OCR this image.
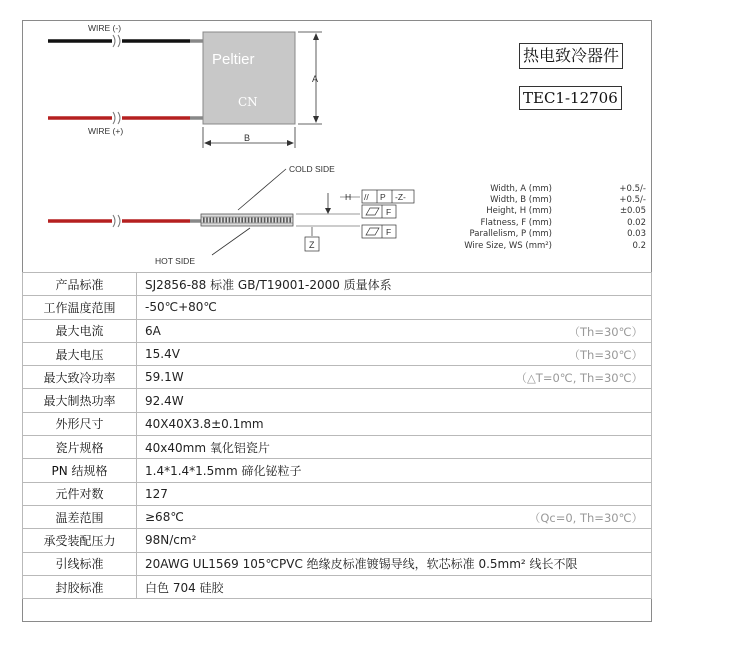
WIRE (-)
WIRE (+)
Peltier
CN
A
B
COLD SIDE
HOT SIDE
H // P -Z-
F
F
Z
热电致冷器件
TEC1-12706
Width, A (mm)	+0.5/-
Width, B (mm)	+0.5/-
Height, H (mm)	±0.05
Flatness, F (mm)	0.02
Parallelism, P (mm)	0.03
Wire Size, WS (mm²)	0.2
产品标准	SJ2856-88 标准 GB/T19001-2000 质量体系

工作温度范围	-50℃+80℃

最大电流	6A （Th=30℃）

最大电压	15.4V （Th=30℃）

最大致冷功率	59.1W （△T=0℃, Th=30℃）

最大制热功率	92.4W

外形尺寸	40X40X3.8±0.1mm

瓷片规格	40x40mm 氧化铝瓷片

PN 结规格	1.4*1.4*1.5mm 碲化铋粒子

元件对数	127

温差范围	≥68℃ （Qc=0, Th=30℃）

承受装配压力	98N/cm²

引线标准	20AWG UL1569 105℃PVC 绝缘皮标准镀锡导线，软芯标准 0.5mm² 线长不限

封胶标准	白色 704 硅胶
